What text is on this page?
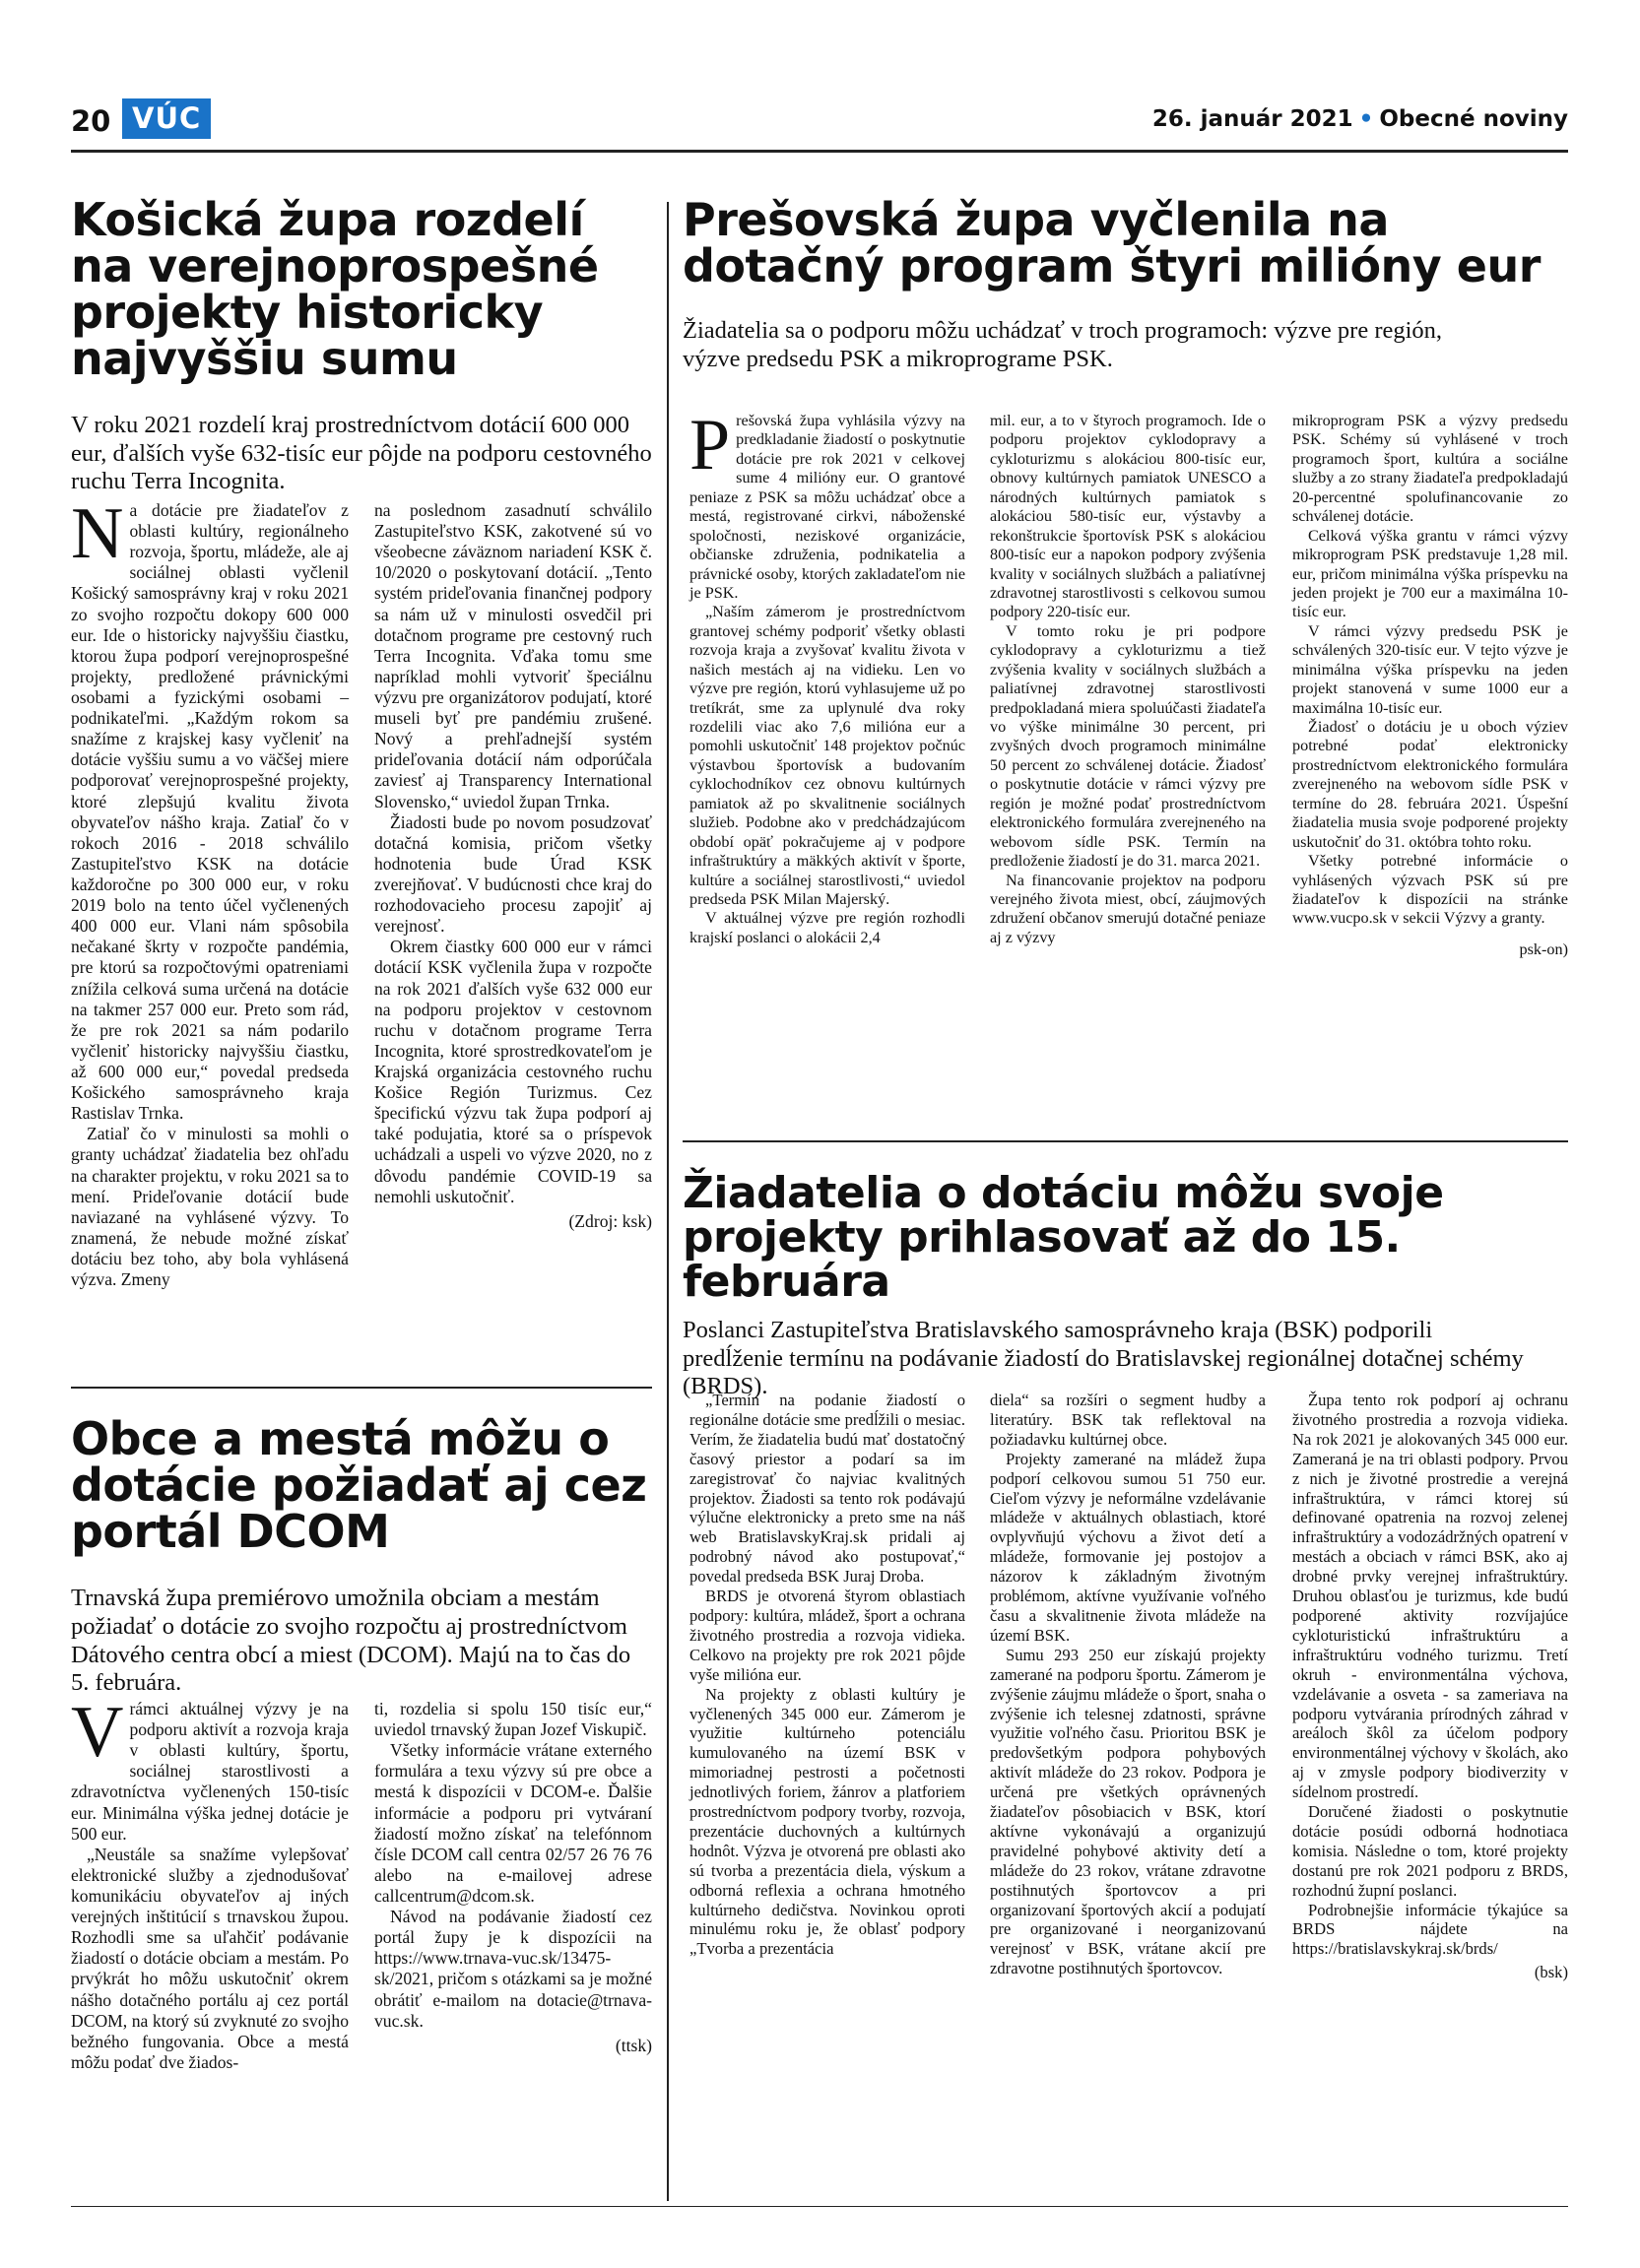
20 VÚC	26. január 2021 • Obecné noviny
Košická župa rozdelí na verejnoprospešné projekty historicky najvyššiu sumu
V roku 2021 rozdelí kraj prostredníctvom dotácií 600 000 eur, ďalších vyše 632-tisíc eur pôjde na podporu cestovného ruchu Terra Incognita.

Na dotácie pre žiadateľov z oblasti kultúry, regionálneho rozvoja, športu, mládeže, ale aj sociálnej oblasti vyčlenil Košický samosprávny kraj v roku 2021 zo svojho rozpočtu dokopy 600 000 eur. Ide o historicky najvyššiu čiastku, ktorou župa podporí verejnoprospešné projekty, predložené právnickými osobami a fyzickými osobami – podnikateľmi. „Každým rokom sa snažíme z krajskej kasy vyčleniť na dotácie vyššiu sumu a vo väčšej miere podporovať verejnoprospešné projekty, ktoré zlepšujú kvalitu života obyvateľov nášho kraja. Zatiaľ čo v rokoch 2016 - 2018 schválilo Zastupiteľstvo KSK na dotácie každoročne po 300 000 eur, v roku 2019 bolo na tento účel vyčlenených 400 000 eur. Vlani nám spôsobila nečakané škrty v rozpočte pandémia, pre ktorú sa rozpočtovými opatreniami znížila celková suma určená na dotácie na takmer 257 000 eur. Preto som rád, že pre rok 2021 sa nám podarilo vyčleniť historicky najvyššiu čiastku, až 600 000 eur,“ povedal predseda Košického samosprávneho kraja Rastislav Trnka.

Zatiaľ čo v minulosti sa mohli o granty uchádzať žiadatelia bez ohľadu na charakter projektu, v roku 2021 sa to mení. Prideľovanie dotácií bude naviazané na vyhlásené výzvy. To znamená, že nebude možné získať dotáciu bez toho, aby bola vyhlásená výzva. Zmeny

na poslednom zasadnutí schválilo Zastupiteľstvo KSK, zakotvené sú vo všeobecne záväznom nariadení KSK č. 10/2020 o poskytovaní dotácií. „Tento systém prideľovania finančnej podpory sa nám už v minulosti osvedčil pri dotačnom programe pre cestovný ruch Terra Incognita. Vďaka tomu sme napríklad mohli vytvoriť špeciálnu výzvu pre organizátorov podujatí, ktoré museli byť pre pandémiu zrušené. Nový a prehľadnejší systém prideľovania dotácií nám odporúčala zaviesť aj Transparency International Slovensko,“ uviedol župan Trnka.

Žiadosti bude po novom posudzovať dotačná komisia, pričom všetky hodnotenia bude Úrad KSK zverejňovať. V budúcnosti chce kraj do rozhodovacieho procesu zapojiť aj verejnosť.

Okrem čiastky 600 000 eur v rámci dotácií KSK vyčlenila župa v rozpočte na rok 2021 ďalších vyše 632 000 eur na podporu projektov v cestovnom ruchu v dotačnom programe Terra Incognita, ktoré sprostredkovateľom je Krajská organizácia cestovného ruchu Košice Región Turizmus. Cez špecifickú výzvu tak župa podporí aj také podujatia, ktoré sa o príspevok uchádzali a uspeli vo výzve 2020, no z dôvodu pandémie COVID-19 sa nemohli uskutočniť.

(Zdroj: ksk)

Obce a mestá môžu o dotácie požiadať aj cez portál DCOM
Trnavská župa premiérovo umožnila obciam a mestám požiadať o dotácie zo svojho rozpočtu aj prostredníctvom Dátového centra obcí a miest (DCOM). Majú na to čas do 5. februára.

Vrámci aktuálnej výzvy je na podporu aktivít a rozvoja kraja v oblasti kultúry, športu, sociálnej starostlivosti a zdravotníctva vyčlenených 150-tisíc eur. Minimálna výška jednej dotácie je 500 eur.

„Neustále sa snažíme vylepšovať elektronické služby a zjednodušovať komunikáciu obyvateľov aj iných verejných inštitúcií s trnavskou župou. Rozhodli sme sa uľahčiť podávanie žiadostí o dotácie obciam a mestám. Po prvýkrát ho môžu uskutočniť okrem nášho dotačného portálu aj cez portál DCOM, na ktorý sú zvyknuté zo svojho bežného fungovania. Obce a mestá môžu podať dve žiados-

ti, rozdelia si spolu 150 tisíc eur,“ uviedol trnavský župan Jozef Viskupič.

Všetky informácie vrátane externého formulára a texu výzvy sú pre obce a mestá k dispozícii v DCOM-e. Ďalšie informácie a podporu pri vytváraní žiadostí možno získať na telefónnom čísle DCOM call centra 02/57 26 76 76 alebo na e-mailovej adrese callcentrum@dcom.sk.

Návod na podávanie žiadostí cez portál župy je k dispozícii na https://www.trnava-vuc.sk/13475-sk/2021, pričom s otázkami sa je možné obrátiť e-mailom na dotacie@trnava-vuc.sk.

(ttsk)

Prešovská župa vyčlenila na dotačný program štyri milióny eur
Žiadatelia sa o podporu môžu uchádzať v troch programoch: výzve pre región, výzve predsedu PSK a mikroprograme PSK.

Prešovská župa vyhlásila výzvy na predkladanie žiadostí o poskytnutie dotácie pre rok 2021 v celkovej sume 4 milióny eur. O grantové peniaze z PSK sa môžu uchádzať obce a mestá, registrované cirkvi, náboženské spoločnosti, neziskové organizácie, občianske združenia, podnikatelia a právnické osoby, ktorých zakladateľom nie je PSK.

„Naším zámerom je prostredníctvom grantovej schémy podporiť všetky oblasti rozvoja kraja a zvyšovať kvalitu života v našich mestách aj na vidieku. Len vo výzve pre región, ktorú vyhlasujeme už po tretíkrát, sme za uplynulé dva roky rozdelili viac ako 7,6 milióna eur a pomohli uskutočniť 148 projektov počnúc výstavbou športovísk a budovaním cyklochodníkov cez obnovu kultúrnych pamiatok až po skvalitnenie sociálnych služieb. Podobne ako v predchádzajúcom období opäť pokračujeme aj v podpore infraštruktúry a mäkkých aktivít v športe, kultúre a sociálnej starostlivosti,“ uviedol predseda PSK Milan Majerský.

V aktuálnej výzve pre región rozhodli krajskí poslanci o alokácii 2,4

mil. eur, a to v štyroch programoch. Ide o podporu projektov cyklodopravy a cykloturizmu s alokáciou 800-tisíc eur, obnovy kultúrnych pamiatok UNESCO a národných kultúrnych pamiatok s alokáciou 580-tisíc eur, výstavby a rekonštrukcie športovísk PSK s alokáciou 800-tisíc eur a napokon podpory zvýšenia kvality v sociálnych službách a paliatívnej zdravotnej starostlivosti s celkovou sumou podpory 220-tisíc eur.

V tomto roku je pri podpore cyklodopravy a cykloturizmu a tiež zvýšenia kvality v sociálnych službách a paliatívnej zdravotnej starostlivosti predpokladaná miera spoluúčasti žiadateľa vo výške minimálne 30 percent, pri zvyšných dvoch programoch minimálne 50 percent zo schválenej dotácie. Žiadosť o poskytnutie dotácie v rámci výzvy pre región je možné podať prostredníctvom elektronického formulára zverejneného na webovom sídle PSK. Termín na predloženie žiadostí je do 31. marca 2021.

Na financovanie projektov na podporu verejného života miest, obcí, záujmových združení občanov smerujú dotačné peniaze aj z výzvy

mikroprogram PSK a výzvy predsedu PSK. Schémy sú vyhlásené v troch programoch šport, kultúra a sociálne služby a zo strany žiadateľa predpokladajú 20-percentné spolufinancovanie zo schválenej dotácie.

Celková výška grantu v rámci výzvy mikroprogram PSK predstavuje 1,28 mil. eur, pričom minimálna výška príspevku na jeden projekt je 700 eur a maximálna 10-tisíc eur.

V rámci výzvy predsedu PSK je schválených 320-tisíc eur. V tejto výzve je minimálna výška príspevku na jeden projekt stanovená v sume 1000 eur a maximálna 10-tisíc eur.

Žiadosť o dotáciu je u oboch výziev potrebné podať elektronicky prostredníctvom elektronického formulára zverejneného na webovom sídle PSK v termíne do 28. februára 2021. Úspešní žiadatelia musia svoje podporené projekty uskutočniť do 31. októbra tohto roku.

Všetky potrebné informácie o vyhlásených výzvach PSK sú pre žiadateľov k dispozícii na stránke www.vucpo.sk v sekcii Výzvy a granty.

psk-on)

Žiadatelia o dotáciu môžu svoje projekty prihlasovať až do 15. februára
Poslanci Zastupiteľstva Bratislavského samosprávneho kraja (BSK) podporili predĺženie termínu na podávanie žiadostí do Bratislavskej regionálnej dotačnej schémy (BRDS).

„Termín na podanie žiadostí o regionálne dotácie sme predĺžili o mesiac. Verím, že žiadatelia budú mať dostatočný časový priestor a podarí sa im zaregistrovať čo najviac kvalitných projektov. Žiadosti sa tento rok podávajú výlučne elektronicky a preto sme na náš web BratislavskyKraj.sk pridali aj podrobný návod ako postupovať,“ povedal predseda BSK Juraj Droba.

BRDS je otvorená štyrom oblastiach podpory: kultúra, mládež, šport a ochrana životného prostredia a rozvoja vidieka. Celkovo na projekty pre rok 2021 pôjde vyše milióna eur.

Na projekty z oblasti kultúry je vyčlenených 345 000 eur. Zámerom je využitie kultúrneho potenciálu kumulovaného na území BSK v mimoriadnej pestrosti a početnosti jednotlivých foriem, žánrov a platforiem prostredníctvom podpory tvorby, rozvoja, prezentácie duchovných a kultúrnych hodnôt. Výzva je otvorená pre oblasti ako sú tvorba a prezentácia diela, výskum a odborná reflexia a ochrana hmotného kultúrneho dedičstva. Novinkou oproti minulému roku je, že oblasť podpory „Tvorba a prezentácia

diela“ sa rozšíri o segment hudby a literatúry. BSK tak reflektoval na požiadavku kultúrnej obce.

Projekty zamerané na mládež župa podporí celkovou sumou 51 750 eur. Cieľom výzvy je neformálne vzdelávanie mládeže v aktuálnych oblastiach, ktoré ovplyvňujú výchovu a život detí a mládeže, formovanie jej postojov a názorov k základným životným problémom, aktívne využívanie voľného času a skvalitnenie života mládeže na území BSK.

Sumu 293 250 eur získajú projekty zamerané na podporu športu. Zámerom je zvýšenie záujmu mládeže o šport, snaha o zvýšenie ich telesnej zdatnosti, správne využitie voľného času. Prioritou BSK je predovšetkým podpora pohybových aktivít mládeže do 23 rokov. Podpora je určená pre všetkých oprávnených žiadateľov pôsobiacich v BSK, ktorí aktívne vykonávajú a organizujú pravidelné pohybové aktivity detí a mládeže do 23 rokov, vrátane zdravotne postihnutých športovcov a pri organizovaní športových akcií a podujatí pre organizované i neorganizovanú verejnosť v BSK, vrátane akcií pre zdravotne postihnutých športovcov.

Župa tento rok podporí aj ochranu životného prostredia a rozvoja vidieka. Na rok 2021 je alokovaných 345 000 eur. Zameraná je na tri oblasti podpory. Prvou z nich je životné prostredie a verejná infraštruktúra, v rámci ktorej sú definované opatrenia na rozvoj zelenej infraštruktúry a vodozádržných opatrení v mestách a obciach v rámci BSK, ako aj drobné prvky verejnej infraštruktúry. Druhou oblasťou je turizmus, kde budú podporené aktivity rozvíjajúce cykloturistickú infraštruktúru a infraštruktúru vodného turizmu. Tretí okruh - environmentálna výchova, vzdelávanie a osveta - sa zameriava na podporu vytvárania prírodných záhrad v areáloch škôl za účelom podpory environmentálnej výchovy v školách, ako aj v zmysle podpory biodiverzity v sídelnom prostredí.

Doručené žiadosti o poskytnutie dotácie posúdi odborná hodnotiaca komisia. Následne o tom, ktoré projekty dostanú pre rok 2021 podporu z BRDS, rozhodnú župní poslanci.

Podrobnejšie informácie týkajúce sa BRDS nájdete na https://bratislavskykraj.sk/brds/

(bsk)
